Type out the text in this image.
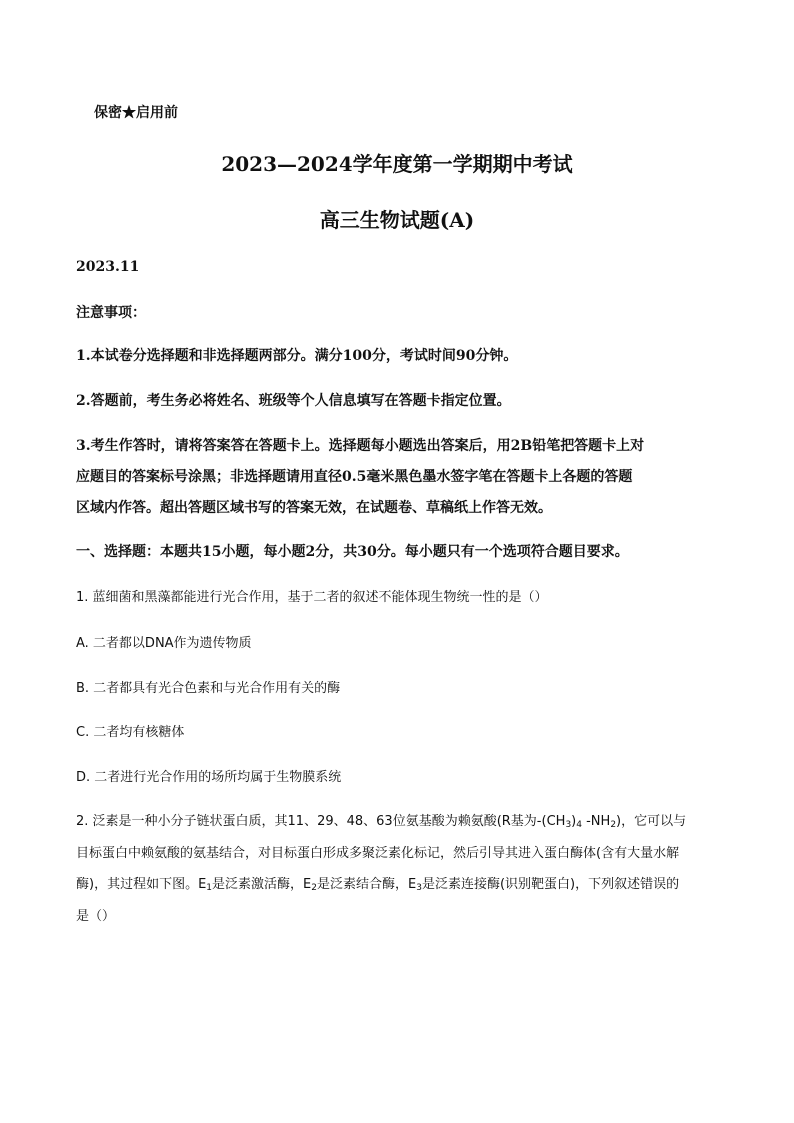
保密★启用前
2023—2024学年度第一学期期中考试
高三生物试题(A)
2023.11
注意事项：
1.本试卷分选择题和非选择题两部分。满分100分，考试时间90分钟。
2.答题前，考生务必将姓名、班级等个人信息填写在答题卡指定位置。
3.考生作答时，请将答案答在答题卡上。选择题每小题选出答案后，用2B铅笔把答题卡上对
应题目的答案标号涂黑；非选择题请用直径0.5毫米黑色墨水签字笔在答题卡上各题的答题
区域内作答。超出答题区域书写的答案无效，在试题卷、草稿纸上作答无效。
一、选择题：本题共15小题，每小题2分，共30分。每小题只有一个选项符合题目要求。
1. 蓝细菌和黑藻都能进行光合作用，基于二者的叙述不能体现生物统一性的是（）
A. 二者都以DNA作为遗传物质
B. 二者都具有光合色素和与光合作用有关的酶
C. 二者均有核糖体
D. 二者进行光合作用的场所均属于生物膜系统
2. 泛素是一种小分子链状蛋白质，其11、29、48、63位氨基酸为赖氨酸(R基为$-(CH_3)_4$ $-NH_2$)，它可以与
目标蛋白中赖氨酸的氨基结合，对目标蛋白形成多聚泛素化标记，然后引导其进入蛋白酶体(含有大量水解
酶)，其过程如下图。$E_1$是泛素激活酶，$E_2$是泛素结合酶，$E_3$是泛素连接酶(识别靶蛋白)，下列叙述错误的
是（）
